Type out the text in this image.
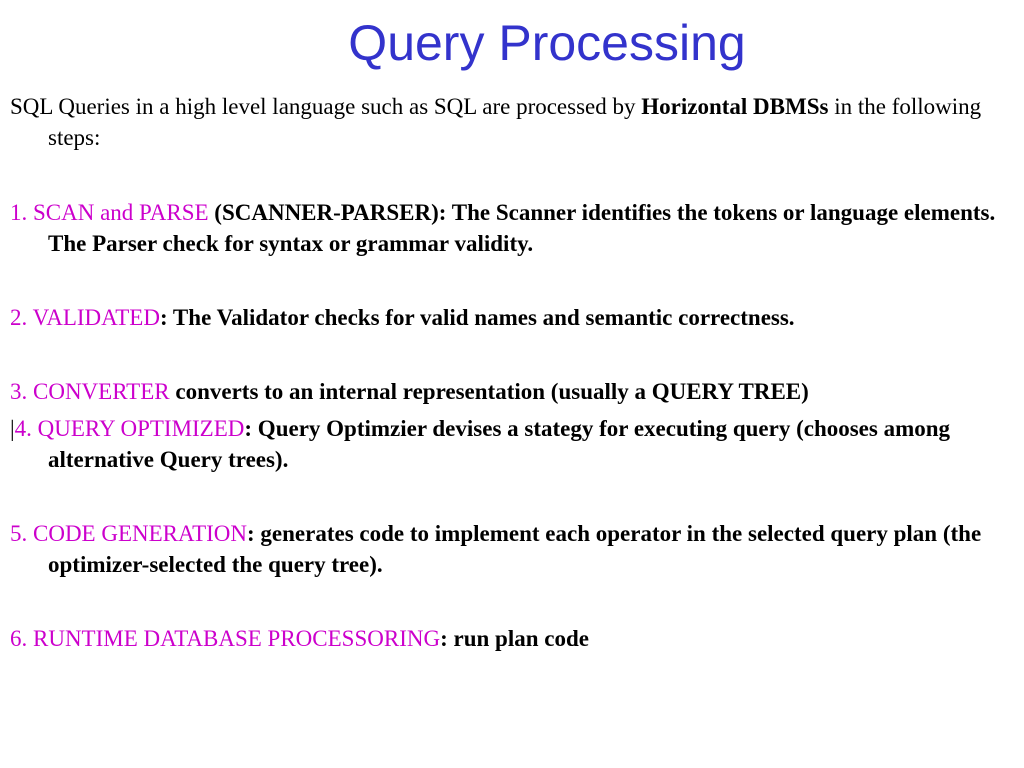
Query Processing

SQL Queries in a high level language such as SQL are processed by Horizontal DBMSs in the following steps:

1. SCAN and PARSE (SCANNER-PARSER): The Scanner identifies the tokens or language elements. The Parser check for syntax or grammar validity.

2. VALIDATED: The Validator checks for valid names and semantic correctness.

3. CONVERTER converts to an internal representation (usually a QUERY TREE)

|4. QUERY OPTIMIZED: Query Optimzier devises a stategy for executing query (chooses among alternative Query trees).

5. CODE GENERATION: generates code to implement each operator in the selected query plan (the optimizer-selected the query tree).

6. RUNTIME DATABASE PROCESSORING: run plan code
